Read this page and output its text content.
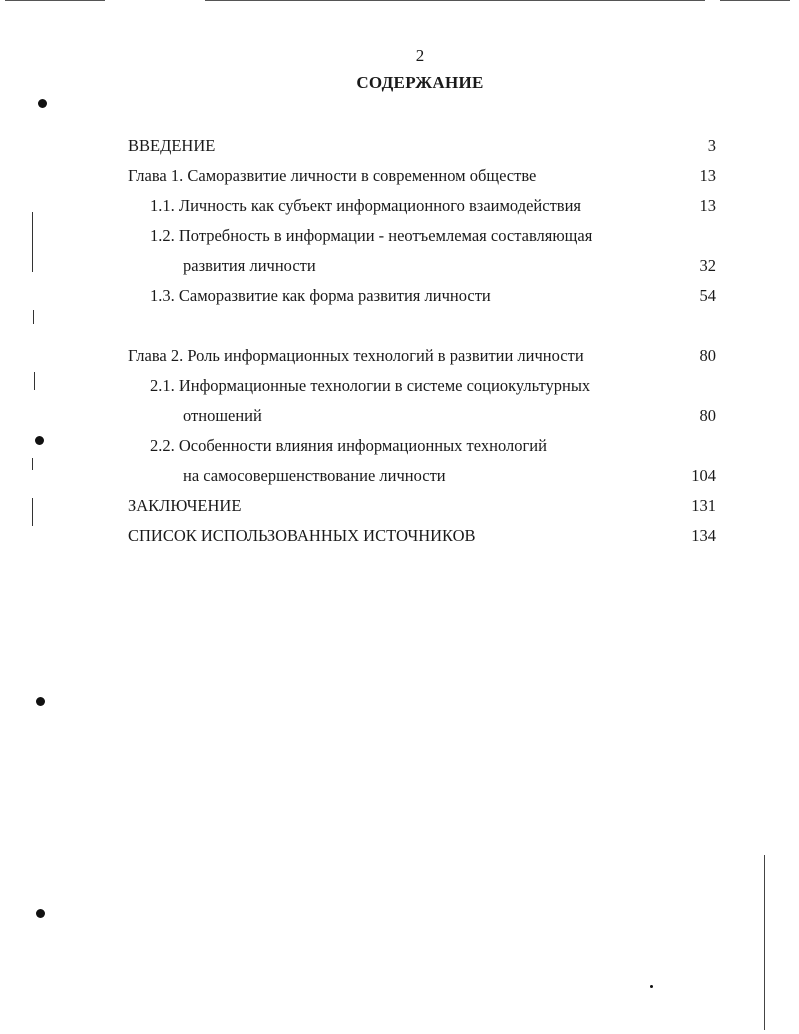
2
СОДЕРЖАНИЕ
ВВЕДЕНИЕ	3
Глава 1. Саморазвитие личности в современном обществе	13
1.1. Личность как субъект информационного взаимодействия	13
1.2. Потребность в информации - неотъемлемая составляющая
развития личности	32
1.3. Саморазвитие как форма развития личности	54
Глава 2. Роль информационных технологий в развитии личности	80
2.1. Информационные технологии в системе социокультурных
отношений	80
2.2. Особенности влияния информационных технологий
на самосовершенствование личности	104
ЗАКЛЮЧЕНИЕ	131
СПИСОК ИСПОЛЬЗОВАННЫХ ИСТОЧНИКОВ	134
